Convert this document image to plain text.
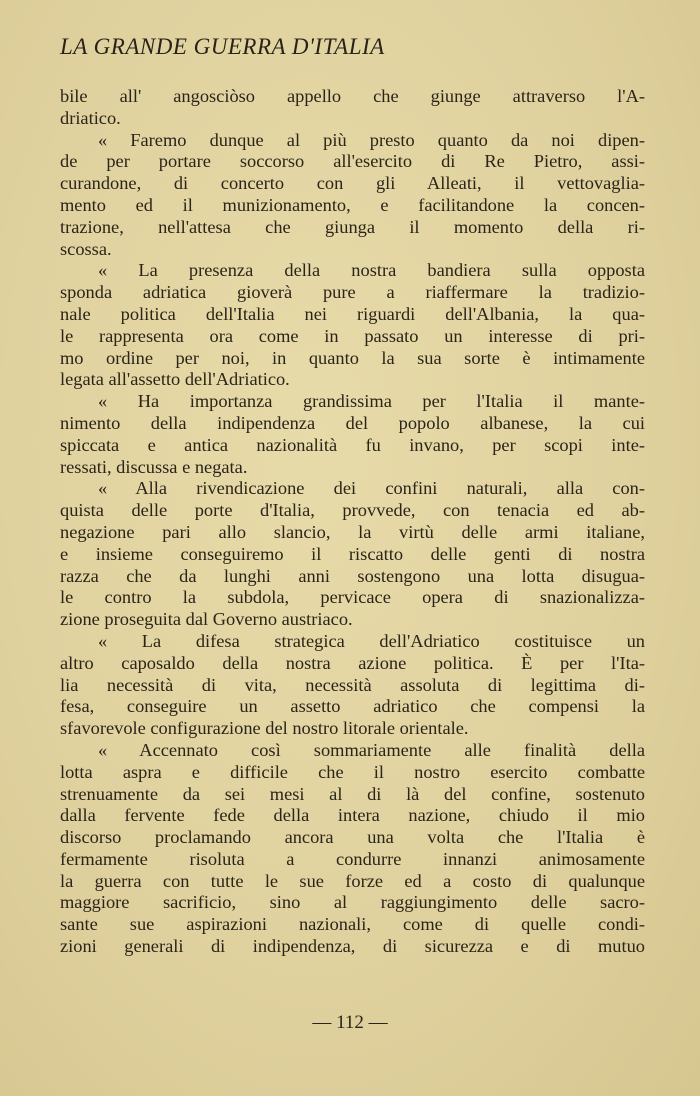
LA GRANDE GUERRA D'ITALIA
bile all' angosciòso appello che giunge attraverso l'A-
driatico.
« Faremo dunque al più presto quanto da noi dipen-
de per portare soccorso all'esercito di Re Pietro, assi-
curandone, di concerto con gli Alleati, il vettovaglia-
mento ed il munizionamento, e facilitandone la concen-
trazione, nell'attesa che giunga il momento della ri-
scossa.
« La presenza della nostra bandiera sulla opposta
sponda adriatica gioverà pure a riaffermare la tradizio-
nale politica dell'Italia nei riguardi dell'Albania, la qua-
le rappresenta ora come in passato un interesse di pri-
mo ordine per noi, in quanto la sua sorte è intimamente
legata all'assetto dell'Adriatico.
« Ha importanza grandissima per l'Italia il mante-
nimento della indipendenza del popolo albanese, la cui
spiccata e antica nazionalità fu invano, per scopi inte-
ressati, discussa e negata.
« Alla rivendicazione dei confini naturali, alla con-
quista delle porte d'Italia, provvede, con tenacia ed ab-
negazione pari allo slancio, la virtù delle armi italiane,
e insieme conseguiremo il riscatto delle genti di nostra
razza che da lunghi anni sostengono una lotta disugua-
le contro la subdola, pervicace opera di snazionalizza-
zione proseguita dal Governo austriaco.
« La difesa strategica dell'Adriatico costituisce un
altro caposaldo della nostra azione politica. È per l'Ita-
lia necessità di vita, necessità assoluta di legittima di-
fesa, conseguire un assetto adriatico che compensi la
sfavorevole configurazione del nostro litorale orientale.
« Accennato così sommariamente alle finalità della
lotta aspra e difficile che il nostro esercito combatte
strenuamente da sei mesi al di là del confine, sostenuto
dalla fervente fede della intera nazione, chiudo il mio
discorso proclamando ancora una volta che l'Italia è
fermamente risoluta a condurre innanzi animosamente
la guerra con tutte le sue forze ed a costo di qualunque
maggiore sacrificio, sino al raggiungimento delle sacro-
sante sue aspirazioni nazionali, come di quelle condi-
zioni generali di indipendenza, di sicurezza e di mutuo
— 112 —
